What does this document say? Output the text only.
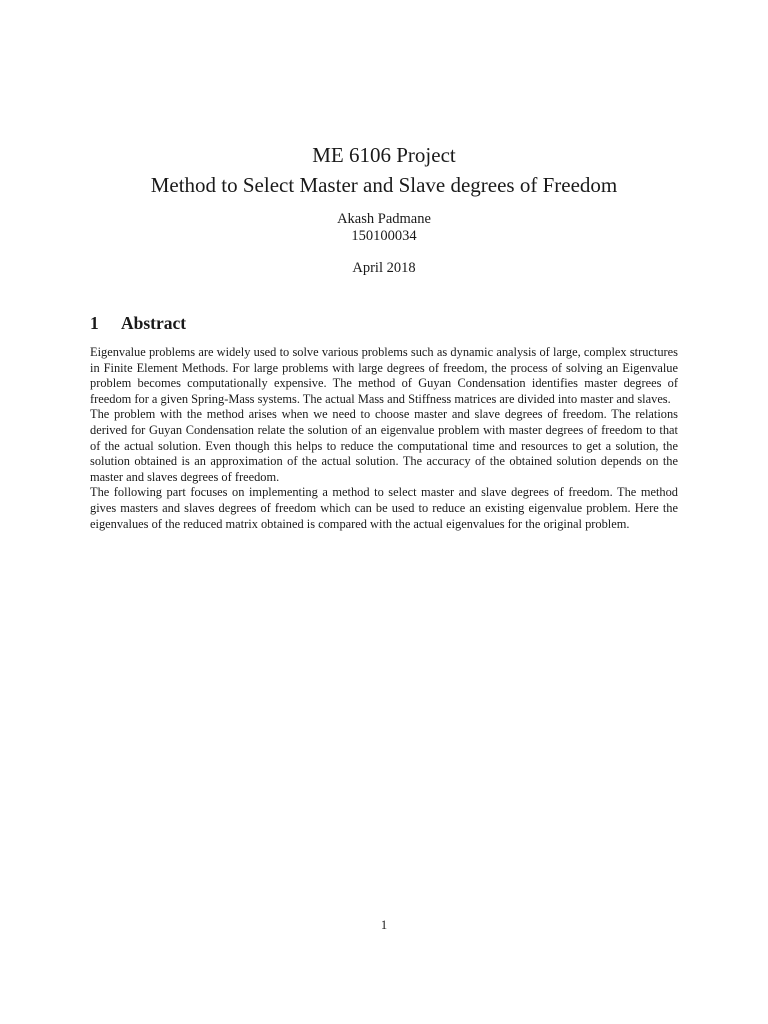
ME 6106 Project
Method to Select Master and Slave degrees of Freedom
Akash Padmane
150100034
April 2018
1 Abstract

Eigenvalue problems are widely used to solve various problems such as dynamic analysis of large, complex structures in Finite Element Methods. For large problems with large degrees of freedom, the process of solving an Eigenvalue problem becomes computationally expensive. The method of Guyan Condensation identifies master degrees of freedom for a given Spring-Mass systems. The actual Mass and Stiffness matrices are divided into master and slaves.

The problem with the method arises when we need to choose master and slave degrees of freedom. The relations derived for Guyan Condensation relate the solution of an eigenvalue problem with master degrees of freedom to that of the actual solution. Even though this helps to reduce the computational time and resources to get a solution, the solution obtained is an approximation of the actual solution. The accuracy of the obtained solution depends on the master and slaves degrees of freedom.

The following part focuses on implementing a method to select master and slave degrees of freedom. The method gives masters and slaves degrees of freedom which can be used to reduce an existing eigenvalue problem. Here the eigenvalues of the reduced matrix obtained is compared with the actual eigenvalues for the original problem.

1
